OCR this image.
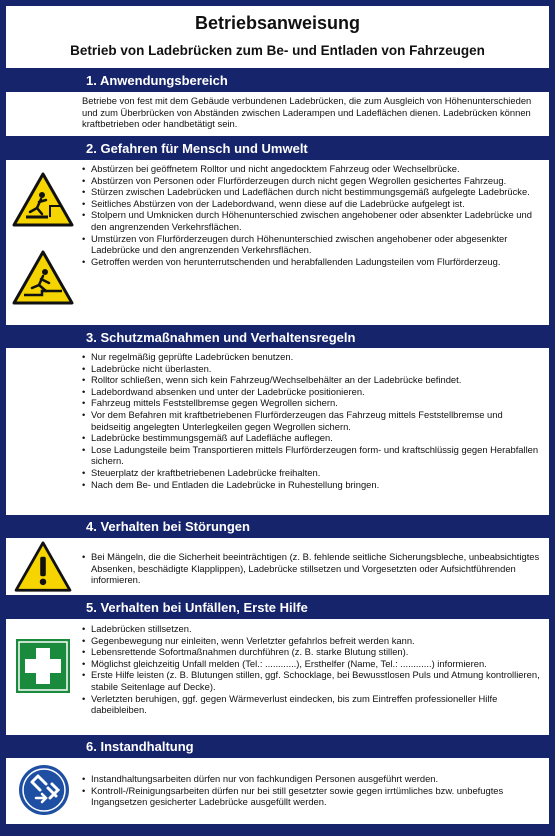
Betriebsanweisung
Betrieb von Ladebrücken zum Be- und Entladen von Fahrzeugen
1. Anwendungsbereich
Betriebe von fest mit dem Gebäude verbundenen Ladebrücken, die zum Ausgleich von Höhenunterschieden und zum Überbrücken von Abständen zwischen Laderampen und Ladeflächen dienen. Ladebrücken können kraftbetrieben oder handbetätigt sein.
2. Gefahren für Mensch und Umwelt
• Abstürzen bei geöffnetem Rolltor und nicht angedocktem Fahrzeug oder Wechselbrücke.
• Abstürzen von Personen oder Flurförderzeugen durch nicht gegen Wegrollen gesichertes Fahrzeug.
• Stürzen zwischen Ladebrücken und Ladeflächen durch nicht bestimmungsgemäß aufgelegte Ladebrücke.
• Seitliches Abstürzen von der Ladebordwand, wenn diese auf die Ladebrücke aufgelegt ist.
• Stolpern und Umknicken durch Höhenunterschied zwischen angehobener oder absenkter Ladebrücke und den angrenzenden Verkehrsflächen.
• Umstürzen von Flurförderzeugen durch Höhenunterschied zwischen angehobener oder abgesenkter Ladebrücke und den angrenzenden Verkehrsflächen.
• Getroffen werden von herunterrutschenden und herabfallenden Ladungsteilen vom Flurförderzeug.
3. Schutzmaßnahmen und Verhaltensregeln
• Nur regelmäßig geprüfte Ladebrücken benutzen.
• Ladebrücke nicht überlasten.
• Rolltor schließen, wenn sich kein Fahrzeug/Wechselbehälter an der Ladebrücke befindet.
• Ladebordwand absenken und unter der Ladebrücke positionieren.
• Fahrzeug mittels Feststellbremse gegen Wegrollen sichern.
• Vor dem Befahren mit kraftbetriebenen Flurförderzeugen das Fahrzeug mittels Feststellbremse und beidseitig angelegten Unterlegkeilen gegen Wegrollen sichern.
• Ladebrücke bestimmungsgemäß auf Ladefläche auflegen.
• Lose Ladungsteile beim Transportieren mittels Flurförderzeugen form- und kraftschlüssig gegen Herabfallen sichern.
• Steuerplatz der kraftbetriebenen Ladebrücke freihalten.
• Nach dem Be- und Entladen die Ladebrücke in Ruhestellung bringen.
4. Verhalten bei Störungen
• Bei Mängeln, die die Sicherheit beeinträchtigen (z. B. fehlende seitliche Sicherungsbleche, unbeabsichtigtes Absenken, beschädigte Klapplippen), Ladebrücke stillsetzen und Vorgesetzten oder Aufsichtführenden informieren.
5. Verhalten bei Unfällen, Erste Hilfe
• Ladebrücken stillsetzen.
• Gegenbewegung nur einleiten, wenn Verletzter gefahrlos befreit werden kann.
• Lebensrettende Sofortmaßnahmen durchführen (z. B. starke Blutung stillen).
• Möglichst gleichzeitig Unfall melden (Tel.: ............), Ersthelfer (Name, Tel.: ............) informieren.
• Erste Hilfe leisten (z. B. Blutungen stillen, ggf. Schocklage, bei Bewusstlosen Puls und Atmung kontrollieren, stabile Seitenlage auf Decke).
• Verletzten beruhigen, ggf. gegen Wärmeverlust eindecken, bis zum Eintreffen professioneller Hilfe dabeibleiben.
6. Instandhaltung
• Instandhaltungsarbeiten dürfen nur von fachkundigen Personen ausgeführt werden.
• Kontroll-/Reinigungsarbeiten dürfen nur bei still gesetzter sowie gegen irrtümliches bzw. unbefugtes Ingangsetzen gesicherter Ladebrücke ausgefüllt werden.
